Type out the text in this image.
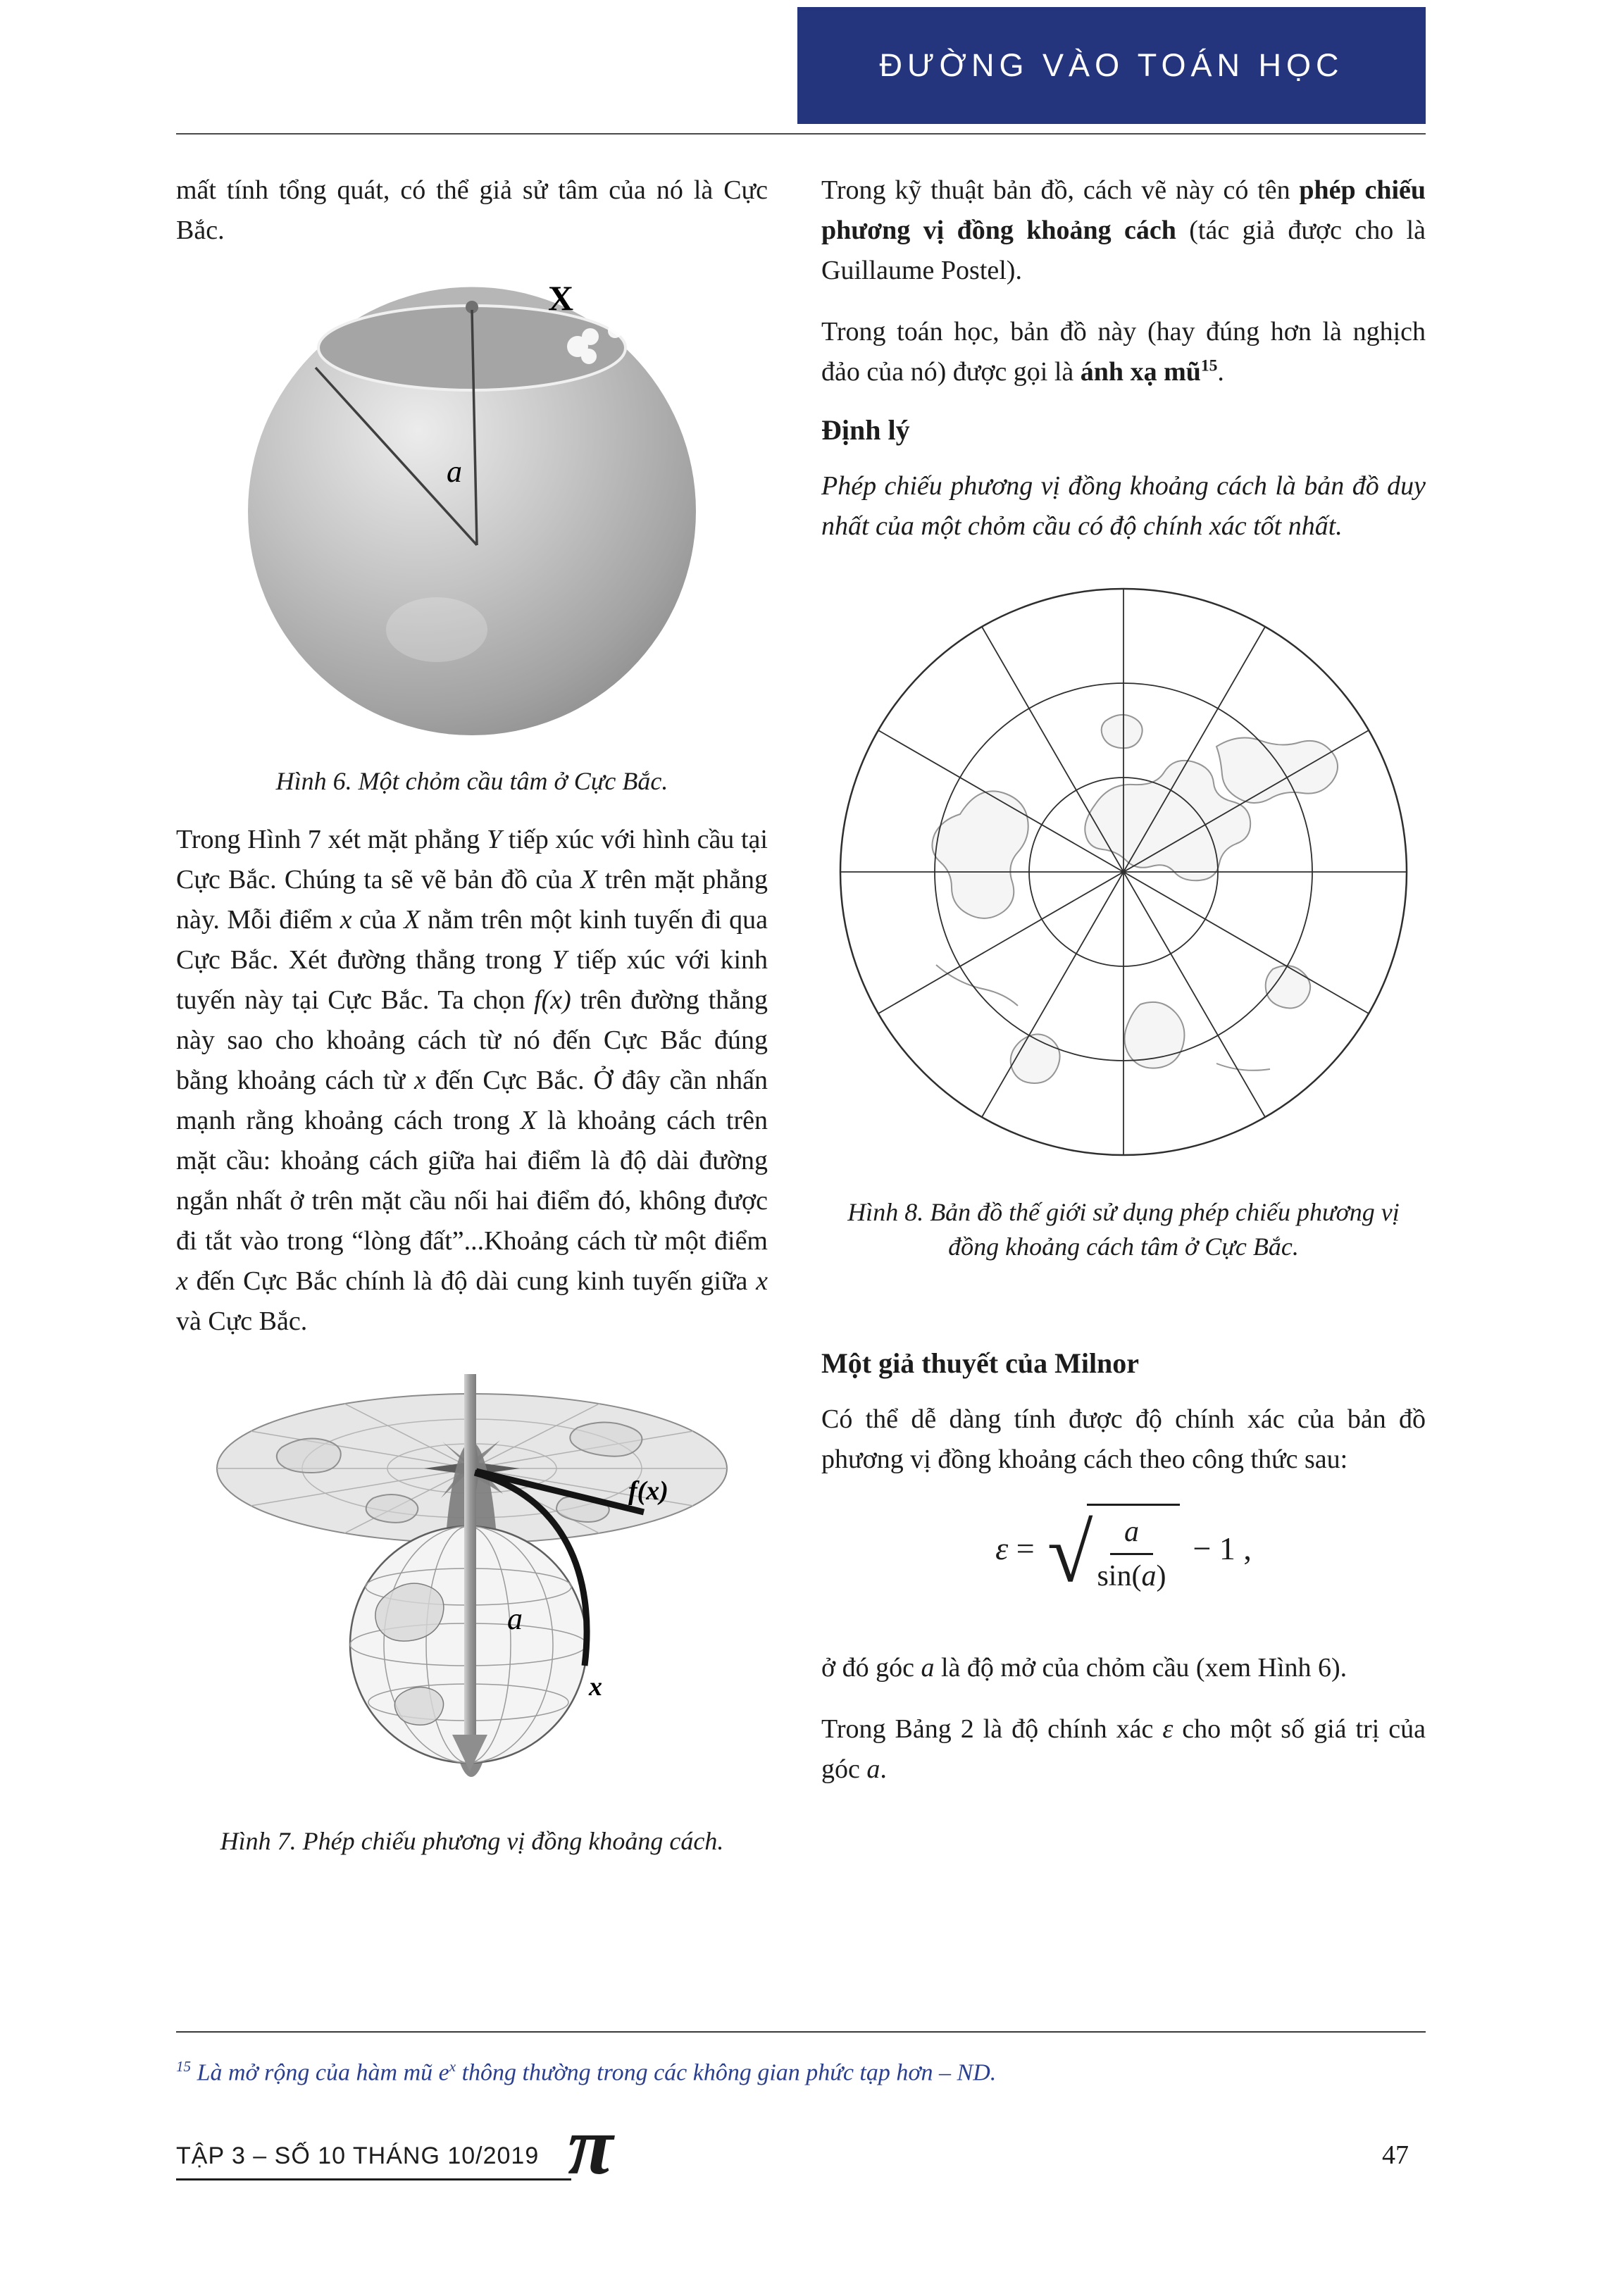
ĐƯỜNG VÀO TOÁN HỌC

mất tính tổng quát, có thể giả sử tâm của nó là Cực Bắc.

X
a
Hình 6. Một chỏm cầu tâm ở Cực Bắc.

Trong Hình 7 xét mặt phẳng Y tiếp xúc với hình cầu tại Cực Bắc. Chúng ta sẽ vẽ bản đồ của X trên mặt phẳng này. Mỗi điểm x của X nằm trên một kinh tuyến đi qua Cực Bắc. Xét đường thẳng trong Y tiếp xúc với kinh tuyến này tại Cực Bắc. Ta chọn f(x) trên đường thẳng này sao cho khoảng cách từ nó đến Cực Bắc đúng bằng khoảng cách từ x đến Cực Bắc. Ở đây cần nhấn mạnh rằng khoảng cách trong X là khoảng cách trên mặt cầu: khoảng cách giữa hai điểm là độ dài đường ngắn nhất ở trên mặt cầu nối hai điểm đó, không được đi tắt vào trong “lòng đất”...Khoảng cách từ một điểm x đến Cực Bắc chính là độ dài cung kinh tuyến giữa x và Cực Bắc.

f(x)
a
x
Hình 7. Phép chiếu phương vị đồng khoảng cách.

Trong kỹ thuật bản đồ, cách vẽ này có tên phép chiếu phương vị đồng khoảng cách (tác giả được cho là Guillaume Postel).

Trong toán học, bản đồ này (hay đúng hơn là nghịch đảo của nó) được gọi là ánh xạ $mũ^{15}$.

Định lý

Phép chiếu phương vị đồng khoảng cách là bản đồ duy nhất của một chỏm cầu có độ chính xác tốt nhất.

Hình 8. Bản đồ thế giới sử dụng phép chiếu phương vị đồng khoảng cách tâm ở Cực Bắc.
Một giả thuyết của Milnor

Có thể dễ dàng tính được độ chính xác của bản đồ phương vị đồng khoảng cách theo công thức sau:

ε = √ $\frac{a}{\sin(a)} - 1$ ,

ở đó góc a là độ mở của chỏm cầu (xem Hình 6).

Trong Bảng 2 là độ chính xác ε cho một số giá trị của góc a.

$^{15}$ Là mở rộng của hàm mũ $e^x$ thông thường trong các không gian phức tạp hơn – ND.
TẬP 3 – SỐ 10 THÁNG 10/2019 π	47
